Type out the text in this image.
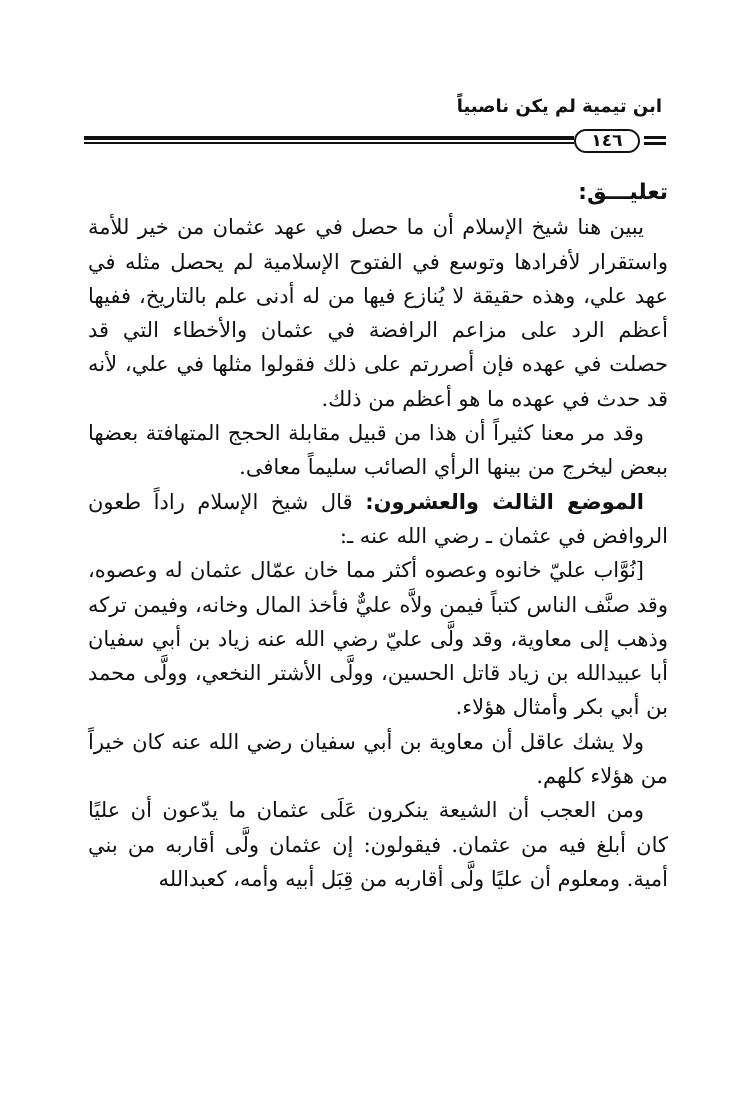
ابن تيمية لم يكن ناصبياً
١٤٦

تعليـــق:

يبين هنا شيخ الإسلام أن ما حصل في عهد عثمان من خير للأمة واستقرار لأفرادها وتوسع في الفتوح الإسلامية لم يحصل مثله في عهد علي، وهذه حقيقة لا يُنازع فيها من له أدنى علم بالتاريخ، ففيها أعظم الرد على مزاعم الرافضة في عثمان والأخطاء التي قد حصلت في عهده فإن أصررتم على ذلك فقولوا مثلها في علي، لأنه قد حدث في عهده ما هو أعظم من ذلك.

وقد مر معنا كثيراً أن هذا من قبيل مقابلة الحجج المتهافتة بعضها ببعض ليخرج من بينها الرأي الصائب سليماً معافى.

الموضع الثالث والعشرون: قال شيخ الإسلام راداً طعون الروافض في عثمان ـ رضي الله عنه ـ:

[نُوَّاب عليّ خانوه وعصوه أكثر مما خان عمّال عثمان له وعصوه، وقد صنَّف الناس كتباً فيمن ولاَّه عليٌّ فأخذ المال وخانه، وفيمن تركه وذهب إلى معاوية، وقد ولَّى عليّ رضي الله عنه زياد بن أبي سفيان أبا عبيدالله بن زياد قاتل الحسين، وولَّى الأشتر النخعي، وولَّى محمد بن أبي بكر وأمثال هؤلاء.

ولا يشك عاقل أن معاوية بن أبي سفيان رضي الله عنه كان خيراً من هؤلاء كلهم.

ومن العجب أن الشيعة ينكرون عَلَى عثمان ما يدّعون أن عليًا كان أبلغ فيه من عثمان. فيقولون: إن عثمان ولَّى أقاربه من بني أمية. ومعلوم أن عليًا ولَّى أقاربه من قِبَل أبيه وأمه، كعبدالله
